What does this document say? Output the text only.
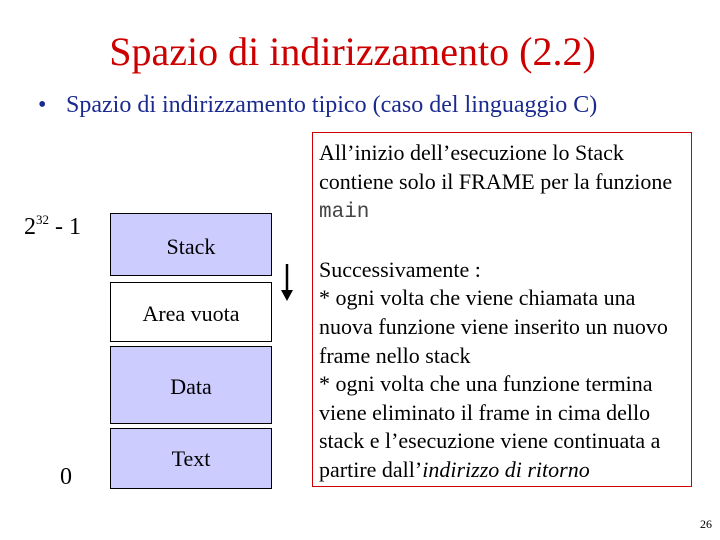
Spazio di indirizzamento (2.2)
• Spazio di indirizzamento tipico (caso del linguaggio C)
$2^{32} - 1$
Stack
Area vuota
Data
Text
0

All’inizio dell’esecuzione lo Stack contiene solo il FRAME per la funzione main

Successivamente :
* ogni volta che viene chiamata una nuova funzione viene inserito un nuovo frame nello stack
* ogni volta che una funzione termina viene eliminato il frame in cima dello stack e l’esecuzione viene continuata a partire dall’indirizzo di ritorno

26
